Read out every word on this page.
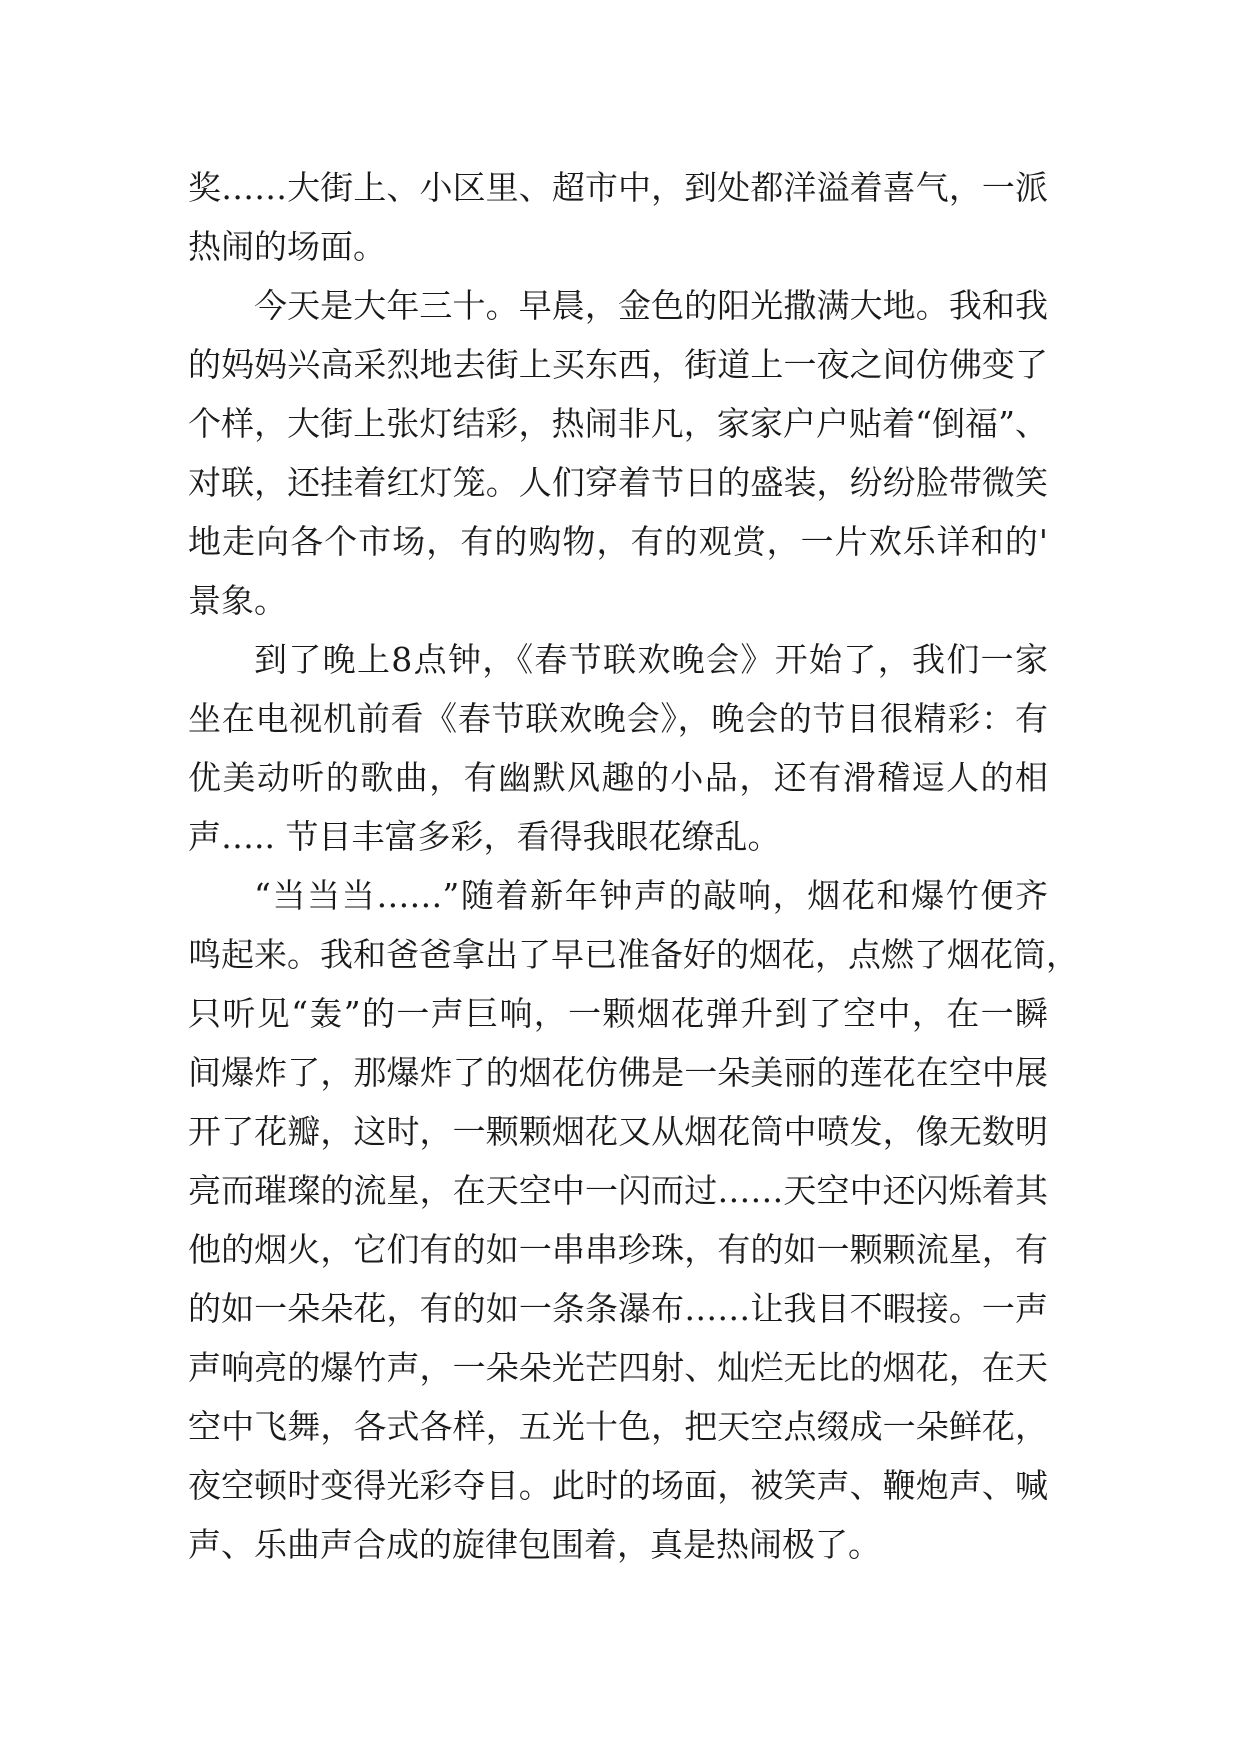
奖……大街上、小区里、超市中，到处都洋溢着喜气，一派
热闹的场面。
今天是大年三十。早晨，金色的阳光撒满大地。我和我
的妈妈兴高采烈地去街上买东西，街道上一夜之间仿佛变了
个样，大街上张灯结彩，热闹非凡，家家户户贴着“倒福”、
对联，还挂着红灯笼。人们穿着节日的盛装，纷纷脸带微笑
地走向各个市场，有的购物，有的观赏，一片欢乐详和的'
景象。
到了晚上8点钟，《春节联欢晚会》开始了，我们一家
坐在电视机前看《春节联欢晚会》，晚会的节目很精彩：有
优美动听的歌曲，有幽默风趣的小品，还有滑稽逗人的相
声….. 节目丰富多彩，看得我眼花缭乱。
“当当当……”随着新年钟声的敲响，烟花和爆竹便齐
鸣起来。我和爸爸拿出了早已准备好的烟花，点燃了烟花筒，
只听见“轰”的一声巨响，一颗烟花弹升到了空中，在一瞬
间爆炸了，那爆炸了的烟花仿佛是一朵美丽的莲花在空中展
开了花瓣，这时，一颗颗烟花又从烟花筒中喷发，像无数明
亮而璀璨的流星，在天空中一闪而过……天空中还闪烁着其
他的烟火，它们有的如一串串珍珠，有的如一颗颗流星，有
的如一朵朵花，有的如一条条瀑布……让我目不暇接。一声
声响亮的爆竹声，一朵朵光芒四射、灿烂无比的烟花，在天
空中飞舞，各式各样，五光十色，把天空点缀成一朵鲜花，
夜空顿时变得光彩夺目。此时的场面，被笑声、鞭炮声、喊
声、乐曲声合成的旋律包围着，真是热闹极了。
